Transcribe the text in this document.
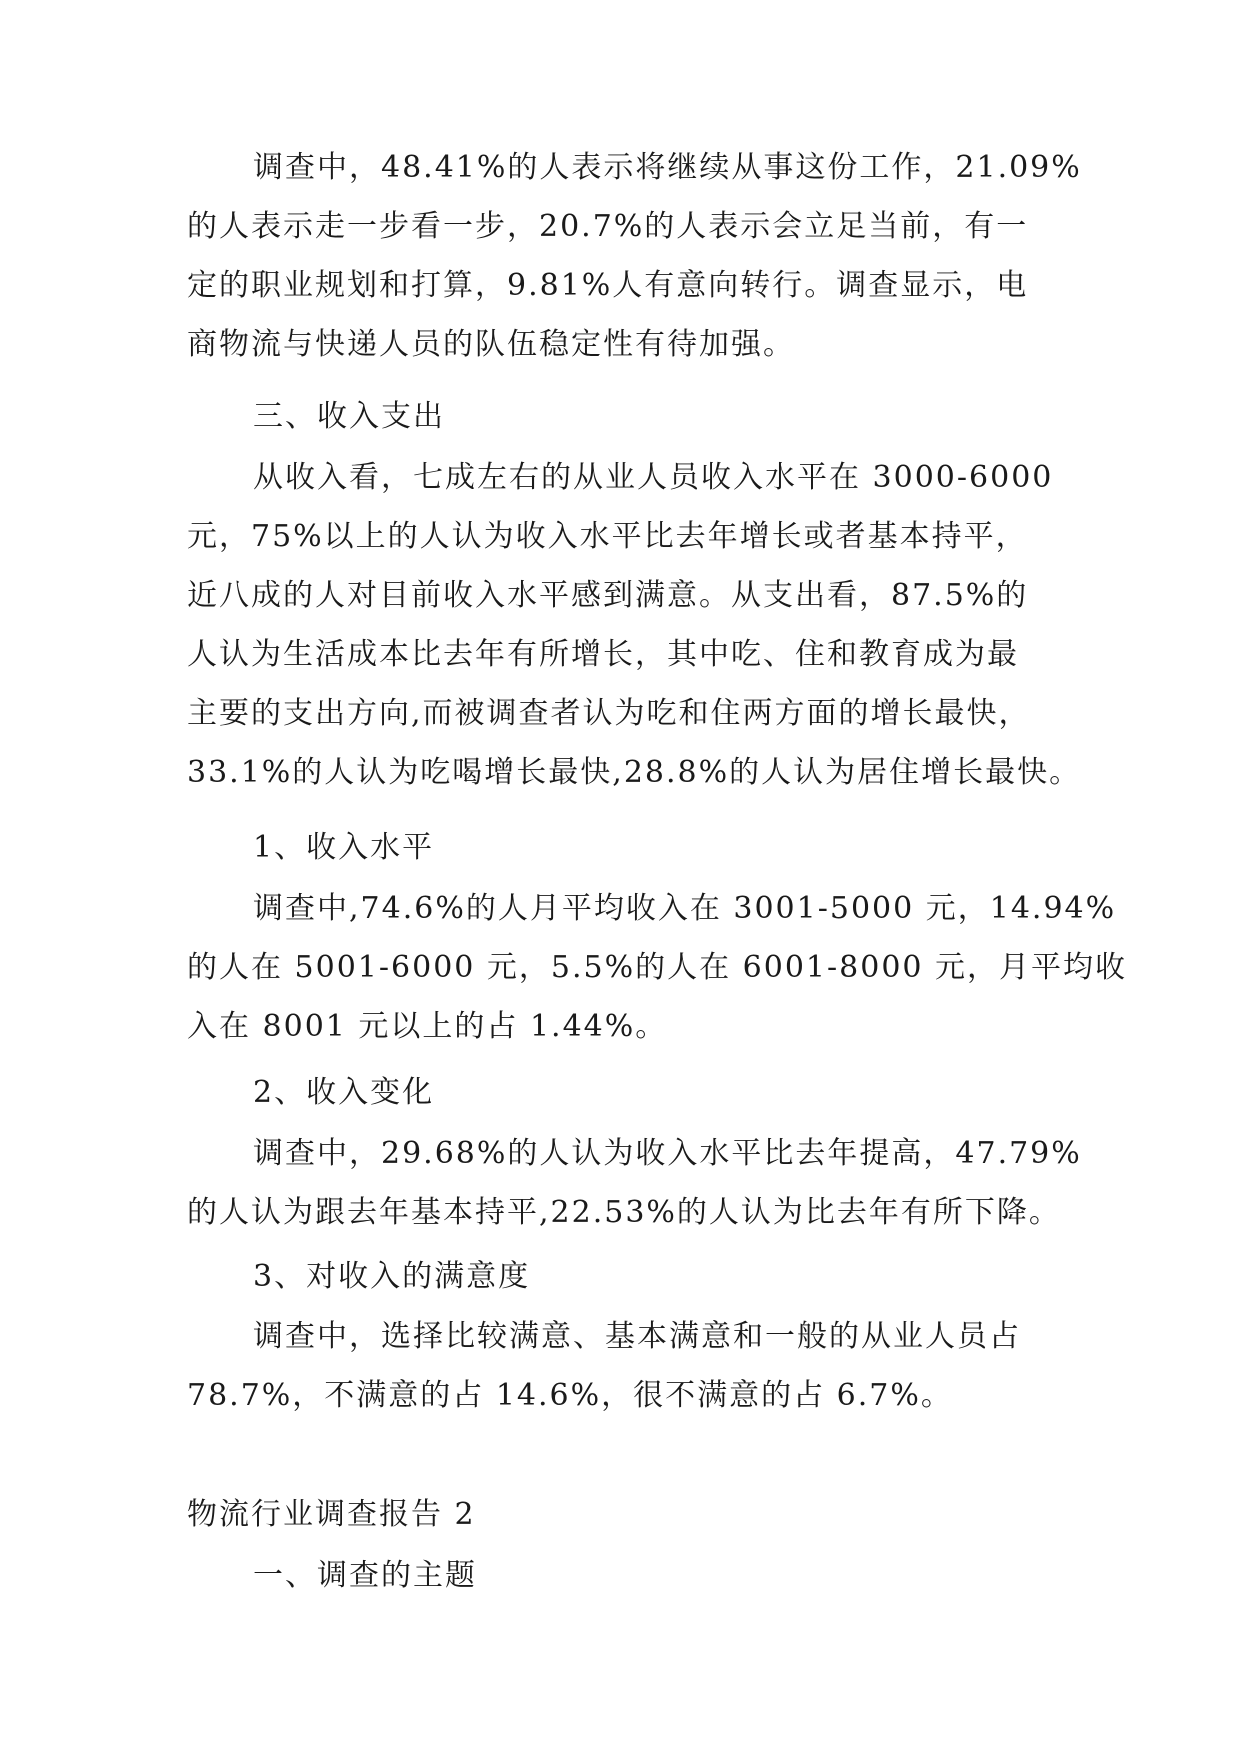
调查中，48.41%的人表示将继续从事这份工作，21.09%
的人表示走一步看一步，20.7%的人表示会立足当前，有一
定的职业规划和打算，9.81%人有意向转行。调查显示，电
商物流与快递人员的队伍稳定性有待加强。
三、收入支出
从收入看，七成左右的从业人员收入水平在 3000-6000
元，75%以上的人认为收入水平比去年增长或者基本持平，
近八成的人对目前收入水平感到满意。从支出看，87.5%的
人认为生活成本比去年有所增长，其中吃、住和教育成为最
主要的支出方向,而被调查者认为吃和住两方面的增长最快，
33.1%的人认为吃喝增长最快,28.8%的人认为居住增长最快。
1、收入水平
调查中,74.6%的人月平均收入在 3001-5000 元，14.94%
的人在 5001-6000 元，5.5%的人在 6001-8000 元，月平均收
入在 8001 元以上的占 1.44%。
2、收入变化
调查中，29.68%的人认为收入水平比去年提高，47.79%
的人认为跟去年基本持平,22.53%的人认为比去年有所下降。
3、对收入的满意度
调查中，选择比较满意、基本满意和一般的从业人员占
78.7%，不满意的占 14.6%，很不满意的占 6.7%。
物流行业调查报告 2
一、调查的主题
